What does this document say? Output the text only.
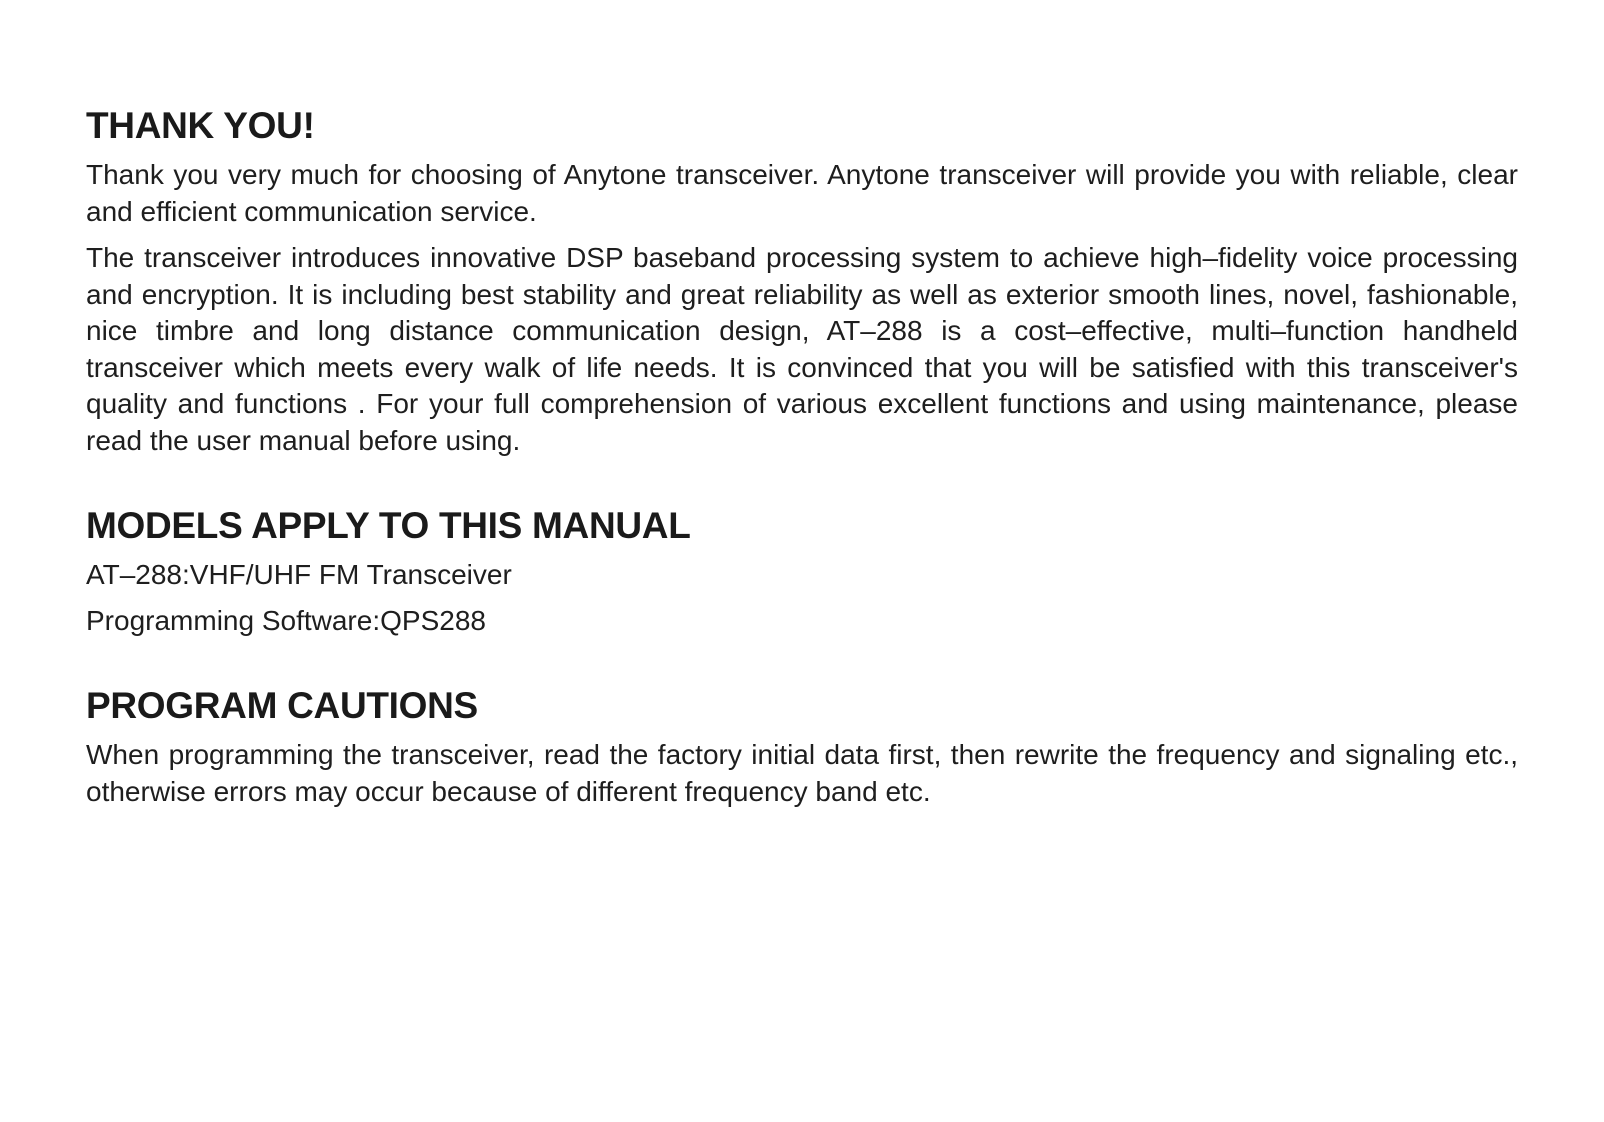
THANK YOU!

Thank you very much for choosing of Anytone transceiver. Anytone transceiver will provide you with reliable, clear and efficient communication service.

The transceiver introduces innovative DSP baseband processing system to achieve high–fidelity voice processing and encryption. It is including best stability and great reliability as well as exterior smooth lines, novel, fashionable, nice timbre and long distance communication design, AT–288 is a cost–effective, multi–function handheld transceiver which meets every walk of life needs. It is convinced that you will be satisfied with this transceiver's quality and functions . For your full comprehension of various excellent functions and using maintenance, please read the user manual before using.

MODELS APPLY TO THIS MANUAL

AT–288:VHF/UHF FM Transceiver

Programming Software:QPS288

PROGRAM CAUTIONS

When programming the transceiver, read the factory initial data first, then rewrite the frequency and signaling etc., otherwise errors may occur because of different frequency band etc.
